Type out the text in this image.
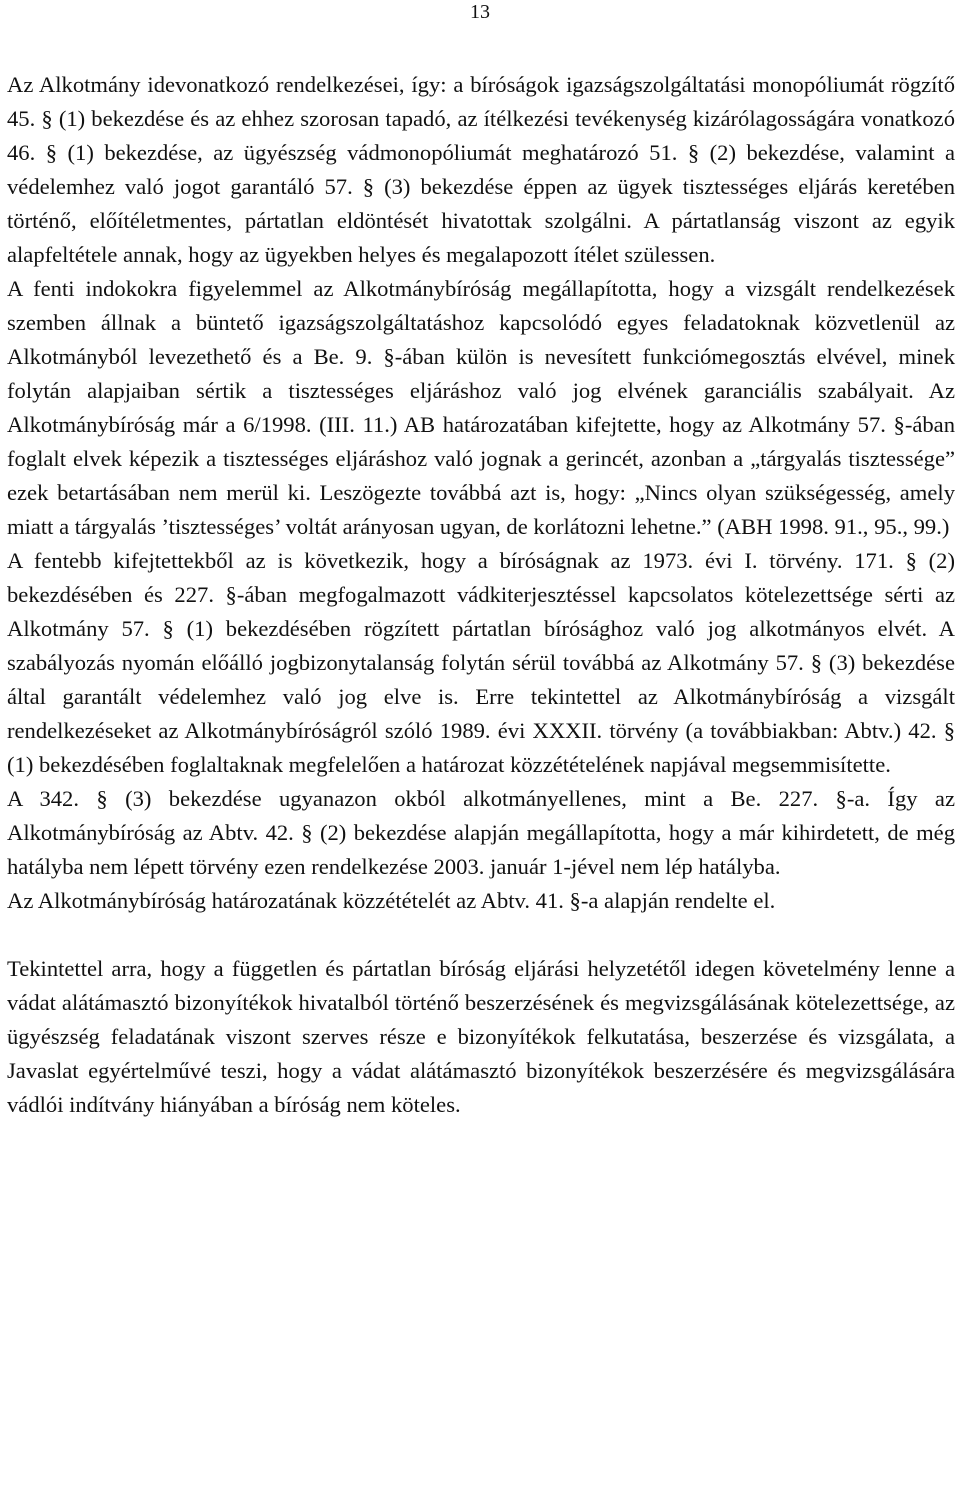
13

Az Alkotmány idevonatkozó rendelkezései, így: a bíróságok igazságszolgáltatási monopóliumát rögzítő 45. § (1) bekezdése és az ehhez szorosan tapadó, az ítélkezési tevékenység kizárólagosságára vonatkozó 46. § (1) bekezdése, az ügyészség vádmonopóliumát meghatározó 51. § (2) bekezdése, valamint a védelemhez való jogot garantáló 57. § (3) bekezdése éppen az ügyek tisztességes eljárás keretében történő, előítéletmentes, pártatlan eldöntését hivatottak szolgálni. A pártatlanság viszont az egyik alapfeltétele annak, hogy az ügyekben helyes és megalapozott ítélet szülessen.

A fenti indokokra figyelemmel az Alkotmánybíróság megállapította, hogy a vizsgált rendelkezések szemben állnak a büntető igazságszolgáltatáshoz kapcsolódó egyes feladatoknak közvetlenül az Alkotmányból levezethető és a Be. 9. §-ában külön is nevesített funkciómegosztás elvével, minek folytán alapjaiban sértik a tisztességes eljáráshoz való jog elvének garanciális szabályait. Az Alkotmánybíróság már a 6/1998. (III. 11.) AB határozatában kifejtette, hogy az Alkotmány 57. §-ában foglalt elvek képezik a tisztességes eljáráshoz való jognak a gerincét, azonban a „tárgyalás tisztessége” ezek betartásában nem merül ki. Leszögezte továbbá azt is, hogy: „Nincs olyan szükségesség, amely miatt a tárgyalás ’tisztességes’ voltát arányosan ugyan, de korlátozni lehetne.” (ABH 1998. 91., 95., 99.)

A fentebb kifejtettekből az is következik, hogy a bíróságnak az 1973. évi I. törvény. 171. § (2) bekezdésében és 227. §-ában megfogalmazott vádkiterjesztéssel kapcsolatos kötelezettsége sérti az Alkotmány 57. § (1) bekezdésében rögzített pártatlan bírósághoz való jog alkotmányos elvét. A szabályozás nyomán előálló jogbizonytalanság folytán sérül továbbá az Alkotmány 57. § (3) bekezdése által garantált védelemhez való jog elve is. Erre tekintettel az Alkotmánybíróság a vizsgált rendelkezéseket az Alkotmánybíróságról szóló 1989. évi XXXII. törvény (a továbbiakban: Abtv.) 42. § (1) bekezdésében foglaltaknak megfelelően a határozat közzétételének napjával megsemmisítette.

A 342. § (3) bekezdése ugyanazon okból alkotmányellenes, mint a Be. 227. §-a. Így az Alkotmánybíróság az Abtv. 42. § (2) bekezdése alapján megállapította, hogy a már kihirdetett, de még hatályba nem lépett törvény ezen rendelkezése 2003. január 1-jével nem lép hatályba.

Az Alkotmánybíróság határozatának közzétételét az Abtv. 41. §-a alapján rendelte el.

Tekintettel arra, hogy a független és pártatlan bíróság eljárási helyzetétől idegen követelmény lenne a vádat alátámasztó bizonyítékok hivatalból történő beszerzésének és megvizsgálásának kötelezettsége, az ügyészség feladatának viszont szerves része e bizonyítékok felkutatása, beszerzése és vizsgálata, a Javaslat egyértelművé teszi, hogy a vádat alátámasztó bizonyítékok beszerzésére és megvizsgálására vádlói indítvány hiányában a bíróság nem köteles.
